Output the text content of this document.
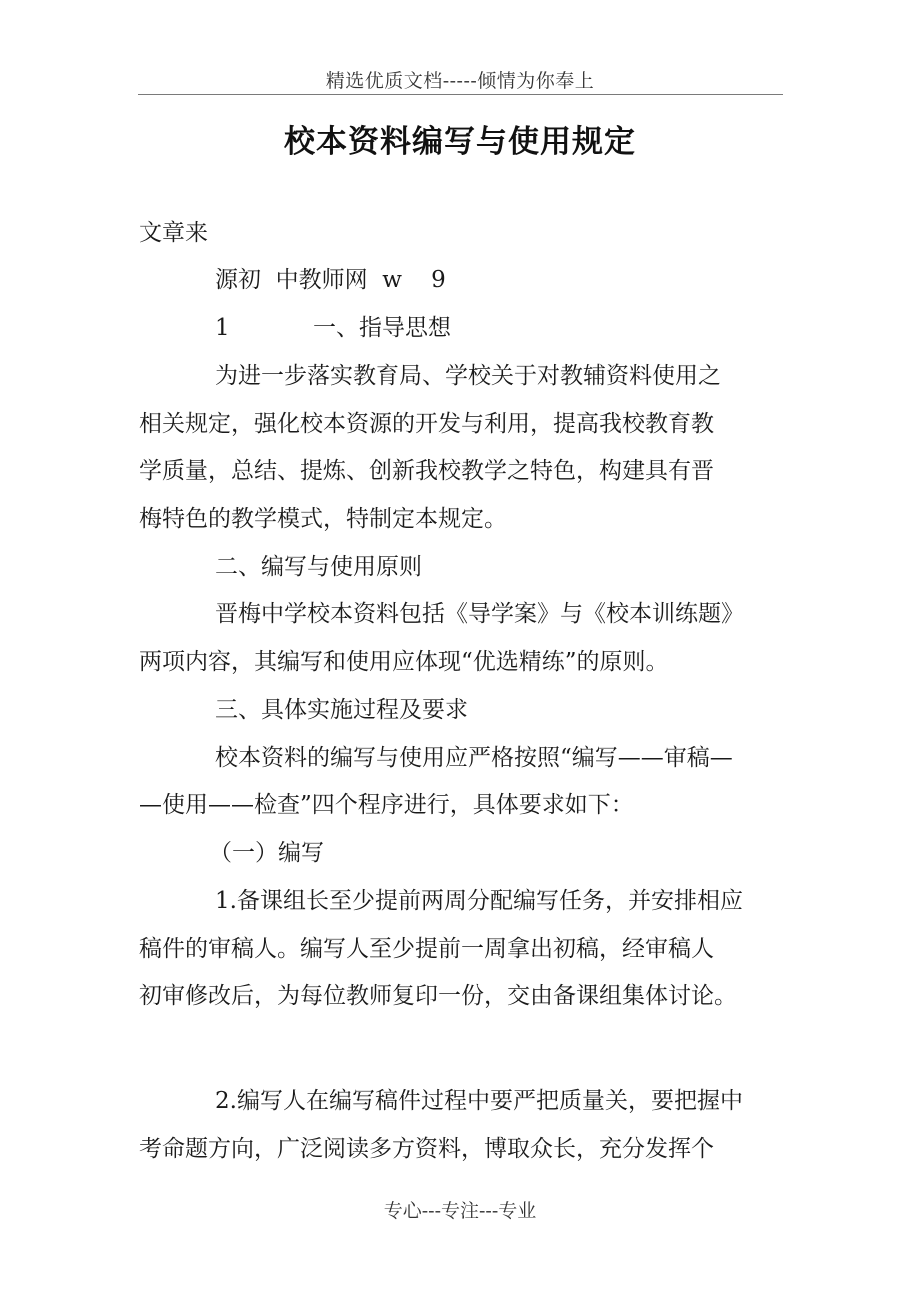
精选优质文档-----倾情为你奉上
校本资料编写与使用规定
文章来
源初  中教师网  w    9
1	一、指导思想
为进一步落实教育局、学校关于对教辅资料使用之
相关规定，强化校本资源的开发与利用，提高我校教育教
学质量，总结、提炼、创新我校教学之特色，构建具有晋
梅特色的教学模式，特制定本规定。
二、编写与使用原则
晋梅中学校本资料包括《导学案》与《校本训练题》
两项内容，其编写和使用应体现“优选精练”的原则。
三、具体实施过程及要求
校本资料的编写与使用应严格按照“编写——审稿—
—使用——检查”四个程序进行，具体要求如下：
（一）编写
1.备课组长至少提前两周分配编写任务，并安排相应
稿件的审稿人。编写人至少提前一周拿出初稿，经审稿人
初审修改后，为每位教师复印一份，交由备课组集体讨论。
2.编写人在编写稿件过程中要严把质量关，要把握中
考命题方向，广泛阅读多方资料，博取众长，充分发挥个
专心---专注---专业
